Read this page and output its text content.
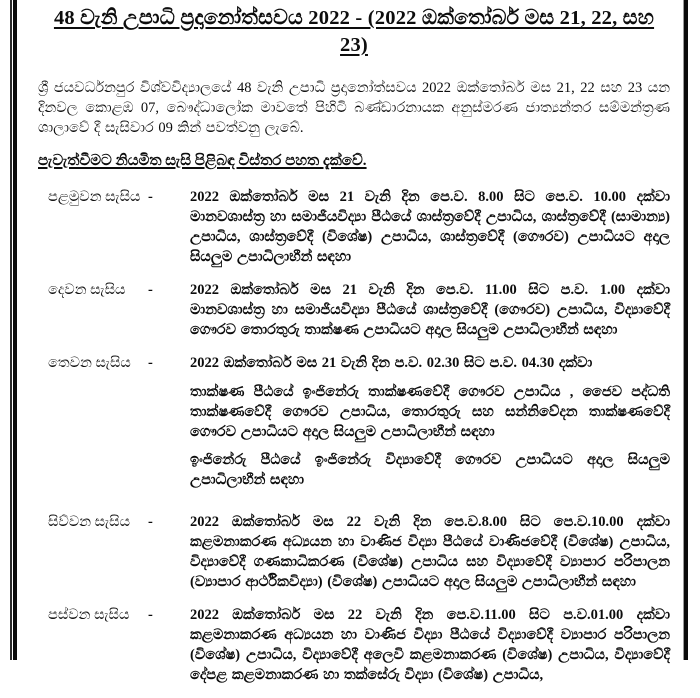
48 වැනි උපාධි ප්‍රදානෝත්සවය 2022 - (2022 ඔක්තෝබර් මස 21, 22, සහ 23)
ශ්‍රී ජයවර්ධනපුර විශ්වවිද්‍යාලයේ 48 වැනි උපාධි ප්‍රදානෝත්සවය 2022 ඔක්තෝබර් මස 21, 22 සහ 23 යන දිනවල කොළඹ 07, බෞද්ධාලෝක මාවතේ පිහිටි බණ්ඩාරනායක අනුස්මරණ ජාත්‍යන්තර සම්මන්ත්‍රණ ශාලාවේ දී සැසිවාර 09 කින් පවත්වනු ලැබේ.
පැවැත්වීමට නියමිත සැසි පිළිබඳ විස්තර පහත දැක්වේ.
පළමුවන සැසිය -	2022 ඔක්තෝබර් මස 21 වැනි දින පෙ.ව. 8.00 සිට පෙ.ව. 10.00 දක්වා මානවශාස්ත්‍ර හා සමාජීයවිද්‍යා පීඨයේ ශාස්ත්‍රවේදී උපාධිය, ශාස්ත්‍රවේදී (සාමාන්‍ය) උපාධිය, ශාස්ත්‍රවේදී (විශේෂ) උපාධිය, ශාස්ත්‍රවේදී (ගෞරව) උපාධියට අදාල සියලුම උපාධිලාභීන් සඳහා

දෙවන සැසිය	-	2022 ඔක්තෝබර් මස 21 වැනි දින පෙ.ව. 11.00 සිට ප.ව. 1.00 දක්වා මානවශාස්ත්‍ර හා සමාජීයවිද්‍යා පීඨයේ ශාස්ත්‍රවේදී (ගෞරව) උපාධිය, විද්‍යාවේදී ගෞරව තොරතුරු තාක්ෂණ උපාධියට අදාල සියලුම උපාධිලාභීන් සඳහා

තෙවන සැසිය	-	2022 ඔක්තෝබර් මස 21 වැනි දින ප.ව. 02.30 සිට ප.ව. 04.30 දක්වා

තාක්ෂණ පීඨයේ ඉංජිනේරු තාක්ෂණවේදී ගෞරව උපාධිය , ජෛව පද්ධති තාක්ෂණවේදී ගෞරව උපාධිය, තොරතුරු සහ සන්නිවේදන තාක්ෂණවේදී ගෞරව උපාධියට අදාල සියලුම උපාධිලාභීන් සඳහා

ඉංජිනේරු පීඨයේ ඉංජිනේරු විද්‍යාවේදී ගෞරව උපාධියට අදාල සියලුම උපාධිලාභීන් සඳහා

සිව්වන සැසිය	-	2022 ඔක්තෝබර් මස 22 වැනි දින පෙ.ව.8.00 සිට පෙ.ව.10.00 දක්වා කළමනාකරණ අධ්‍යයන හා වාණිජ විද්‍යා පීඨයේ වාණිජවේදී (විශේෂ) උපාධිය, විද්‍යාවේදී ගණකාධිකරණ (විශේෂ) උපාධිය සහ විද්‍යාවේදී ව්‍යාපාර පරිපාලන (ව්‍යාපාර ආර්ථිකවිද්‍යා) (විශේෂ) උපාධියට අදාල සියලුම උපාධිලාභීන් සඳහා

පස්වන සැසිය	-	2022 ඔක්තෝබර් මස 22 වැනි දින පෙ.ව.11.00 සිට ප.ව.01.00 දක්වා කළමනාකරණ අධ්‍යයන හා වාණිජ විද්‍යා පීඨයේ විද්‍යාවේදී ව්‍යාපාර පරිපාලන (විශේෂ) උපාධිය, විද්‍යාවේදී අලෙවි කළමනාකරණ (විශේෂ) උපාධිය, විද්‍යාවේදී දේපළ කළමනාකරණ හා තක්සේරු විද්‍යා (විශේෂ) උපාධිය,
